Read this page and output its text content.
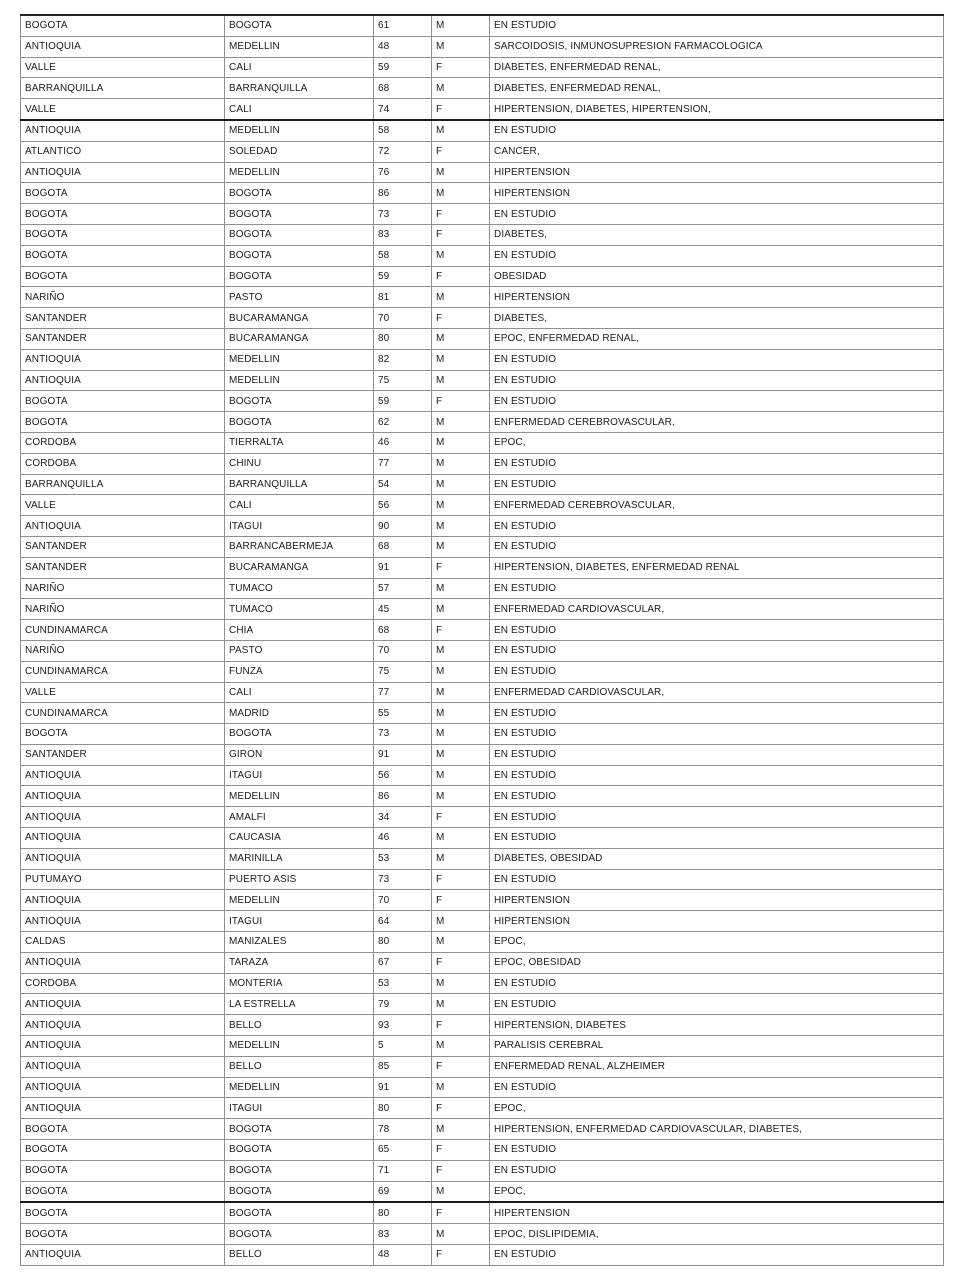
BOGOTA	BOGOTA	61	M	EN ESTUDIO
ANTIOQUIA	MEDELLIN	48	M	SARCOIDOSIS, INMUNOSUPRESION FARMACOLOGICA
VALLE	CALI	59	F	DIABETES, ENFERMEDAD RENAL,
BARRANQUILLA	BARRANQUILLA	68	M	DIABETES, ENFERMEDAD RENAL,
VALLE	CALI	74	F	HIPERTENSION, DIABETES, HIPERTENSION,
ANTIOQUIA	MEDELLIN	58	M	EN ESTUDIO
ATLANTICO	SOLEDAD	72	F	CANCER,
ANTIOQUIA	MEDELLIN	76	M	HIPERTENSION
BOGOTA	BOGOTA	86	M	HIPERTENSION
BOGOTA	BOGOTA	73	F	EN ESTUDIO
BOGOTA	BOGOTA	83	F	DIABETES,
BOGOTA	BOGOTA	58	M	EN ESTUDIO
BOGOTA	BOGOTA	59	F	OBESIDAD
NARIÑO	PASTO	81	M	HIPERTENSION
SANTANDER	BUCARAMANGA	70	F	DIABETES,
SANTANDER	BUCARAMANGA	80	M	EPOC, ENFERMEDAD RENAL,
ANTIOQUIA	MEDELLIN	82	M	EN ESTUDIO
ANTIOQUIA	MEDELLIN	75	M	EN ESTUDIO
BOGOTA	BOGOTA	59	F	EN ESTUDIO
BOGOTA	BOGOTA	62	M	ENFERMEDAD CEREBROVASCULAR,
CORDOBA	TIERRALTA	46	M	EPOC,
CORDOBA	CHINU	77	M	EN ESTUDIO
BARRANQUILLA	BARRANQUILLA	54	M	EN ESTUDIO
VALLE	CALI	56	M	ENFERMEDAD CEREBROVASCULAR,
ANTIOQUIA	ITAGUI	90	M	EN ESTUDIO
SANTANDER	BARRANCABERMEJA	68	M	EN ESTUDIO
SANTANDER	BUCARAMANGA	91	F	HIPERTENSION, DIABETES, ENFERMEDAD RENAL
NARIÑO	TUMACO	57	M	EN ESTUDIO
NARIÑO	TUMACO	45	M	ENFERMEDAD CARDIOVASCULAR,
CUNDINAMARCA	CHIA	68	F	EN ESTUDIO
NARIÑO	PASTO	70	M	EN ESTUDIO
CUNDINAMARCA	FUNZA	75	M	EN ESTUDIO
VALLE	CALI	77	M	ENFERMEDAD CARDIOVASCULAR,
CUNDINAMARCA	MADRID	55	M	EN ESTUDIO
BOGOTA	BOGOTA	73	M	EN ESTUDIO
SANTANDER	GIRON	91	M	EN ESTUDIO
ANTIOQUIA	ITAGUI	56	M	EN ESTUDIO
ANTIOQUIA	MEDELLIN	86	M	EN ESTUDIO
ANTIOQUIA	AMALFI	34	F	EN ESTUDIO
ANTIOQUIA	CAUCASIA	46	M	EN ESTUDIO
ANTIOQUIA	MARINILLA	53	M	DIABETES, OBESIDAD
PUTUMAYO	PUERTO ASIS	73	F	EN ESTUDIO
ANTIOQUIA	MEDELLIN	70	F	HIPERTENSION
ANTIOQUIA	ITAGUI	64	M	HIPERTENSION
CALDAS	MANIZALES	80	M	EPOC,
ANTIOQUIA	TARAZA	67	F	EPOC, OBESIDAD
CORDOBA	MONTERIA	53	M	EN ESTUDIO
ANTIOQUIA	LA ESTRELLA	79	M	EN ESTUDIO
ANTIOQUIA	BELLO	93	F	HIPERTENSION, DIABETES
ANTIOQUIA	MEDELLIN	5	M	PARALISIS CEREBRAL
ANTIOQUIA	BELLO	85	F	ENFERMEDAD RENAL, ALZHEIMER
ANTIOQUIA	MEDELLIN	91	M	EN ESTUDIO
ANTIOQUIA	ITAGUI	80	F	EPOC,
BOGOTA	BOGOTA	78	M	HIPERTENSION, ENFERMEDAD CARDIOVASCULAR, DIABETES,
BOGOTA	BOGOTA	65	F	EN ESTUDIO
BOGOTA	BOGOTA	71	F	EN ESTUDIO
BOGOTA	BOGOTA	69	M	EPOC,
BOGOTA	BOGOTA	80	F	HIPERTENSION
BOGOTA	BOGOTA	83	M	EPOC, DISLIPIDEMIA,
ANTIOQUIA	BELLO	48	F	EN ESTUDIO
